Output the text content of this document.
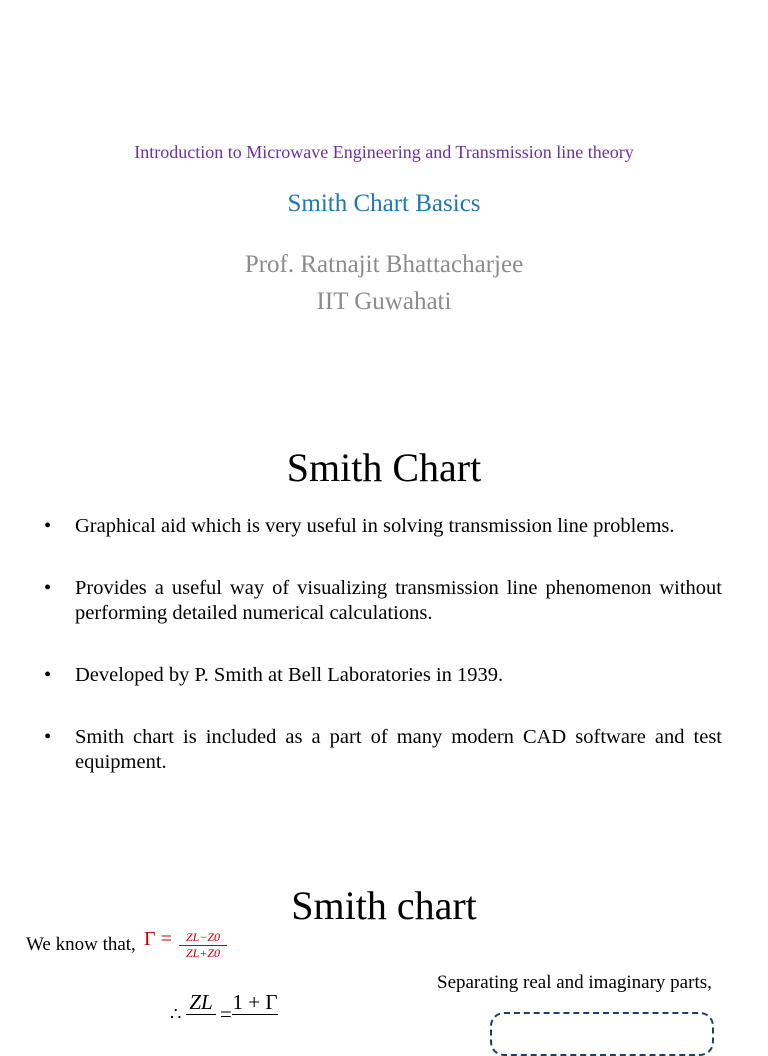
Introduction to Microwave Engineering and Transmission line theory
Smith Chart Basics
Prof. Ratnajit Bhattacharjee
IIT Guwahati
Smith Chart
• Graphical aid which is very useful in solving transmission line problems.
• Provides a useful way of visualizing transmission line phenomenon without performing detailed numerical calculations.
• Developed by P. Smith at Bell Laboratories in 1939.
• Smith chart is included as a part of many modern CAD software and test equipment.
Smith chart
We know that, $\Gamma = \frac{ZL-Z0}{ZL+Z0}$
Separating real and imaginary parts,
∴ ZL = 1 + Γ
